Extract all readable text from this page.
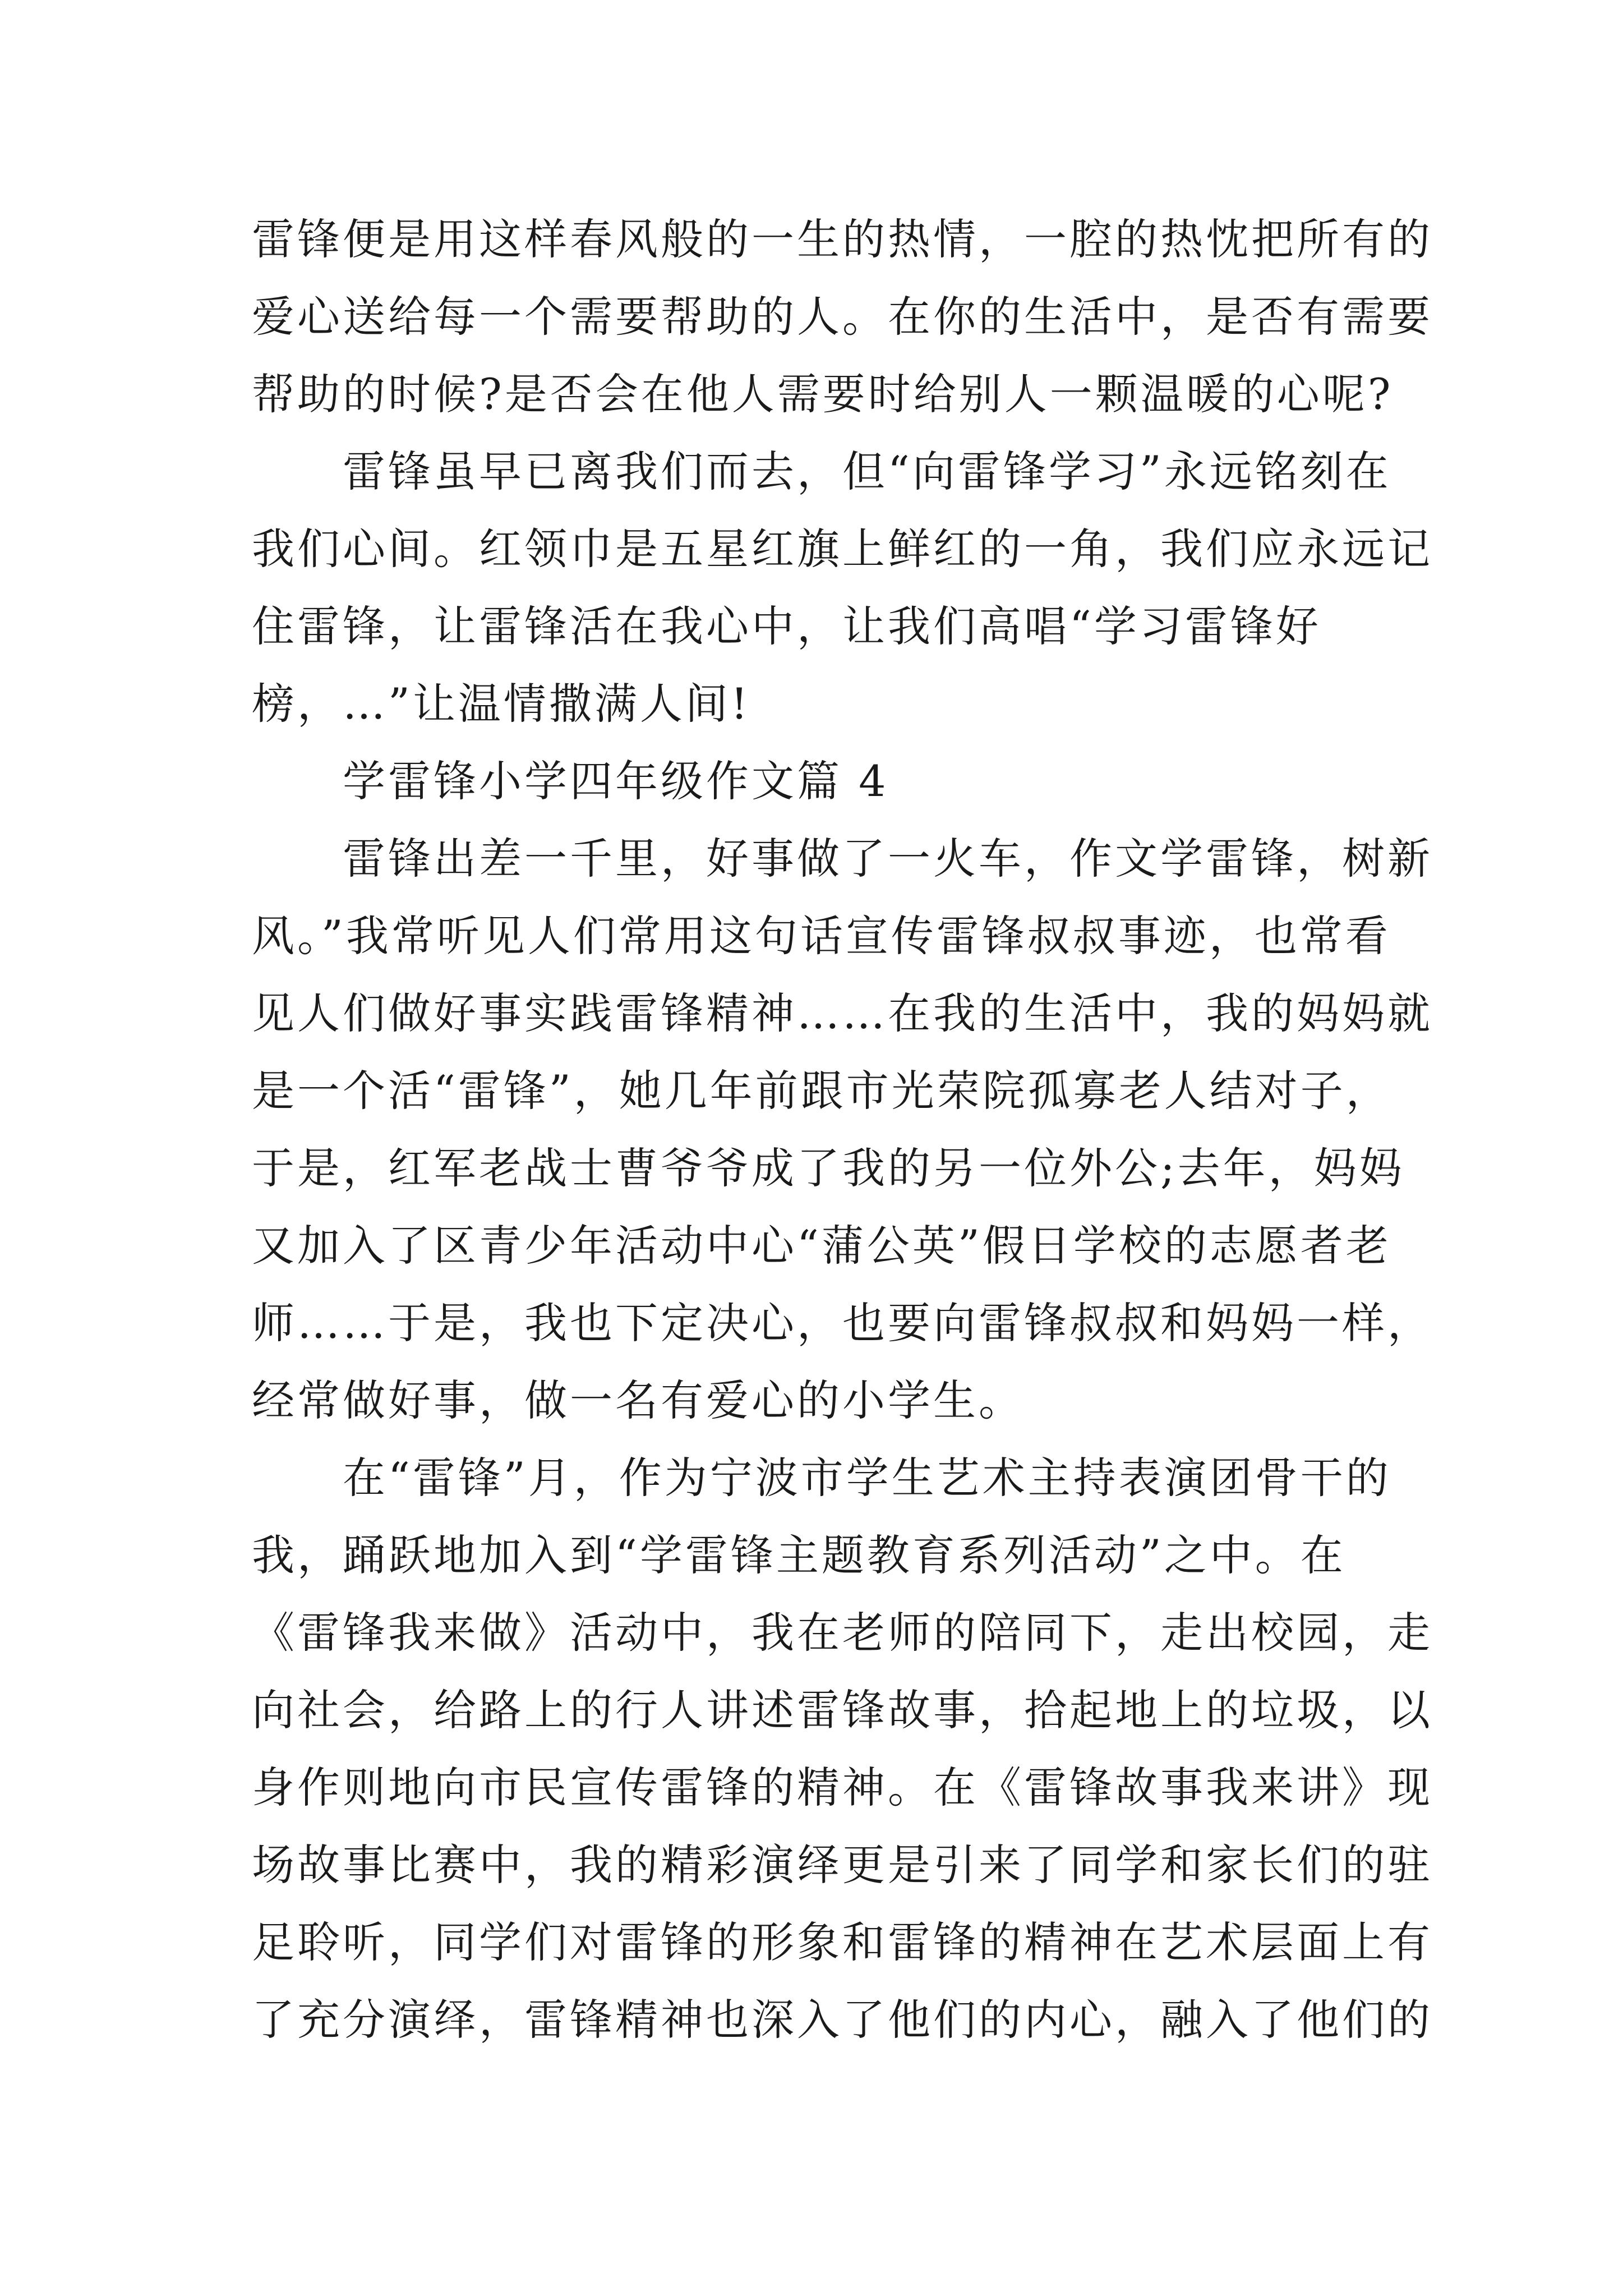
雷锋便是用这样春风般的一生的热情，一腔的热忱把所有的
爱心送给每一个需要帮助的人。在你的生活中，是否有需要
帮助的时候?是否会在他人需要时给别人一颗温暖的心呢?
　　雷锋虽早已离我们而去，但“向雷锋学习”永远铭刻在
我们心间。红领巾是五星红旗上鲜红的一角，我们应永远记
住雷锋，让雷锋活在我心中，让我们高唱“学习雷锋好
榜，…”让温情撒满人间!
　　学雷锋小学四年级作文篇 4
　　雷锋出差一千里，好事做了一火车，作文学雷锋，树新
风。”我常听见人们常用这句话宣传雷锋叔叔事迹，也常看
见人们做好事实践雷锋精神……在我的生活中，我的妈妈就
是一个活“雷锋”，她几年前跟市光荣院孤寡老人结对子，
于是，红军老战士曹爷爷成了我的另一位外公;去年，妈妈
又加入了区青少年活动中心“蒲公英”假日学校的志愿者老
师……于是，我也下定决心，也要向雷锋叔叔和妈妈一样，
经常做好事，做一名有爱心的小学生。
　　在“雷锋”月，作为宁波市学生艺术主持表演团骨干的
我，踊跃地加入到“学雷锋主题教育系列活动”之中。在
《雷锋我来做》活动中，我在老师的陪同下，走出校园，走
向社会，给路上的行人讲述雷锋故事，拾起地上的垃圾，以
身作则地向市民宣传雷锋的精神。在《雷锋故事我来讲》现
场故事比赛中，我的精彩演绎更是引来了同学和家长们的驻
足聆听，同学们对雷锋的形象和雷锋的精神在艺术层面上有
了充分演绎，雷锋精神也深入了他们的内心，融入了他们的
